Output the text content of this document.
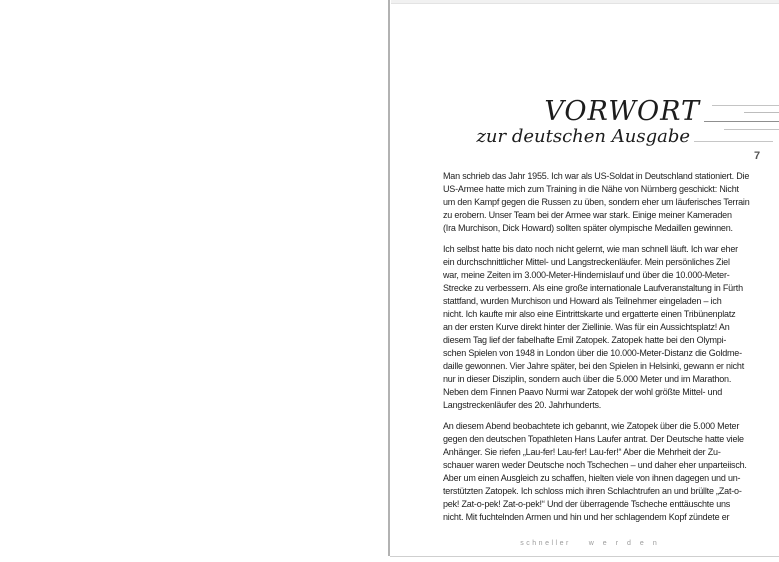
VORWORT
zur deutschen Ausgabe
7

Man schrieb das Jahr 1955. Ich war als US-Soldat in Deutschland stationiert. Die
US-Armee hatte mich zum Training in die Nähe von Nürnberg geschickt: Nicht
um den Kampf gegen die Russen zu üben, sondern eher um läuferisches Terrain
zu erobern. Unser Team bei der Armee war stark. Einige meiner Kameraden
(Ira Murchison, Dick Howard) sollten später olympische Medaillen gewinnen.

Ich selbst hatte bis dato noch nicht gelernt, wie man schnell läuft. Ich war eher
ein durchschnittlicher Mittel- und Langstreckenläufer. Mein persönliches Ziel
war, meine Zeiten im 3.000-Meter-Hindernislauf und über die 10.000-Meter-
Strecke zu verbessern. Als eine große internationale Laufveranstaltung in Fürth
stattfand, wurden Murchison und Howard als Teilnehmer eingeladen – ich
nicht. Ich kaufte mir also eine Eintrittskarte und ergatterte einen Tribünenplatz
an der ersten Kurve direkt hinter der Ziellinie. Was für ein Aussichtsplatz! An
diesem Tag lief der fabelhafte Emil Zatopek. Zatopek hatte bei den Olympi-
schen Spielen von 1948 in London über die 10.000-Meter-Distanz die Goldme-
daille gewonnen. Vier Jahre später, bei den Spielen in Helsinki, gewann er nicht
nur in dieser Disziplin, sondern auch über die 5.000 Meter und im Marathon.
Neben dem Finnen Paavo Nurmi war Zatopek der wohl größte Mittel- und
Langstreckenläufer des 20. Jahrhunderts.

An diesem Abend beobachtete ich gebannt, wie Zatopek über die 5.000 Meter
gegen den deutschen Topathleten Hans Laufer antrat. Der Deutsche hatte viele
Anhänger. Sie riefen „Lau-fer! Lau-fer! Lau-fer!“ Aber die Mehrheit der Zu-
schauer waren weder Deutsche noch Tschechen – und daher eher unparteiisch.
Aber um einen Ausgleich zu schaffen, hielten viele von ihnen dagegen und un-
terstützten Zatopek. Ich schloss mich ihren Schlachtrufen an und brüllte „Zat-o-
pek! Zat-o-pek! Zat-o-pek!“ Und der überragende Tscheche enttäuschte uns
nicht. Mit fuchtelnden Armen und hin und her schlagendem Kopf zündete er

schneller	werden
